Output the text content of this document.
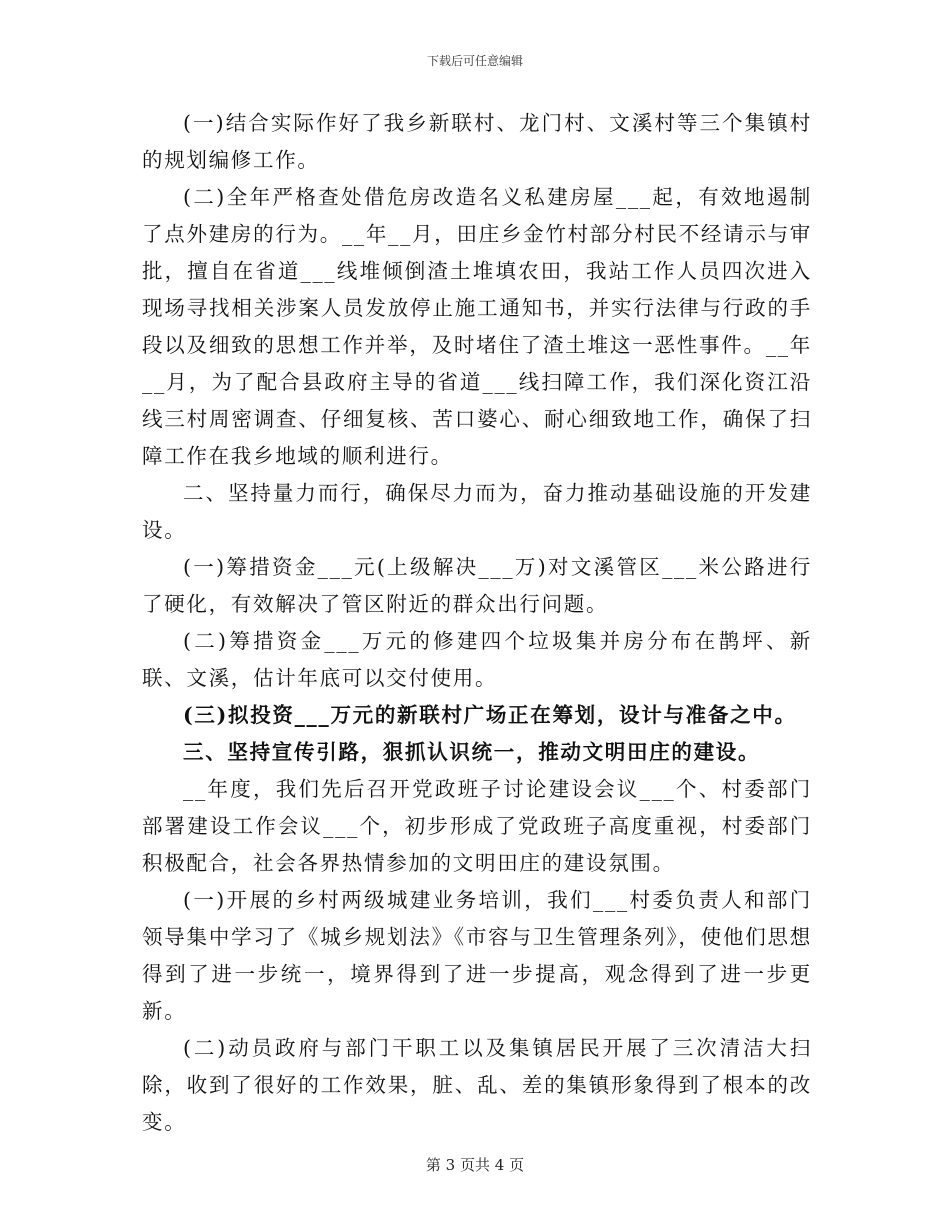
下载后可任意编辑

(一)结合实际作好了我乡新联村、龙门村、文溪村等三个集镇村的规划编修工作。

(二)全年严格查处借危房改造名义私建房屋___起，有效地遏制了点外建房的行为。__年__月，田庄乡金竹村部分村民不经请示与审批，擅自在省道___线堆倾倒渣土堆填农田，我站工作人员四次进入现场寻找相关涉案人员发放停止施工通知书，并实行法律与行政的手段以及细致的思想工作并举，及时堵住了渣土堆这一恶性事件。__年__月，为了配合县政府主导的省道___线扫障工作，我们深化资江沿线三村周密调查、仔细复核、苦口婆心、耐心细致地工作，确保了扫障工作在我乡地域的顺利进行。

二、坚持量力而行，确保尽力而为，奋力推动基础设施的开发建设。

(一)筹措资金___元(上级解决___万)对文溪管区___米公路进行了硬化，有效解决了管区附近的群众出行问题。

(二)筹措资金___万元的修建四个垃圾集并房分布在鹊坪、新联、文溪，估计年底可以交付使用。

(三)拟投资___万元的新联村广场正在筹划，设计与准备之中。

三、坚持宣传引路，狠抓认识统一，推动文明田庄的建设。

__年度，我们先后召开党政班子讨论建设会议___个、村委部门部署建设工作会议___个，初步形成了党政班子高度重视，村委部门积极配合，社会各界热情参加的文明田庄的建设氛围。

(一)开展的乡村两级城建业务培训，我们___村委负责人和部门领导集中学习了《城乡规划法》《市容与卫生管理条列》，使他们思想得到了进一步统一，境界得到了进一步提高，观念得到了进一步更新。

(二)动员政府与部门干职工以及集镇居民开展了三次清洁大扫除，收到了很好的工作效果，脏、乱、差的集镇形象得到了根本的改变。

第 3 页共 4 页
